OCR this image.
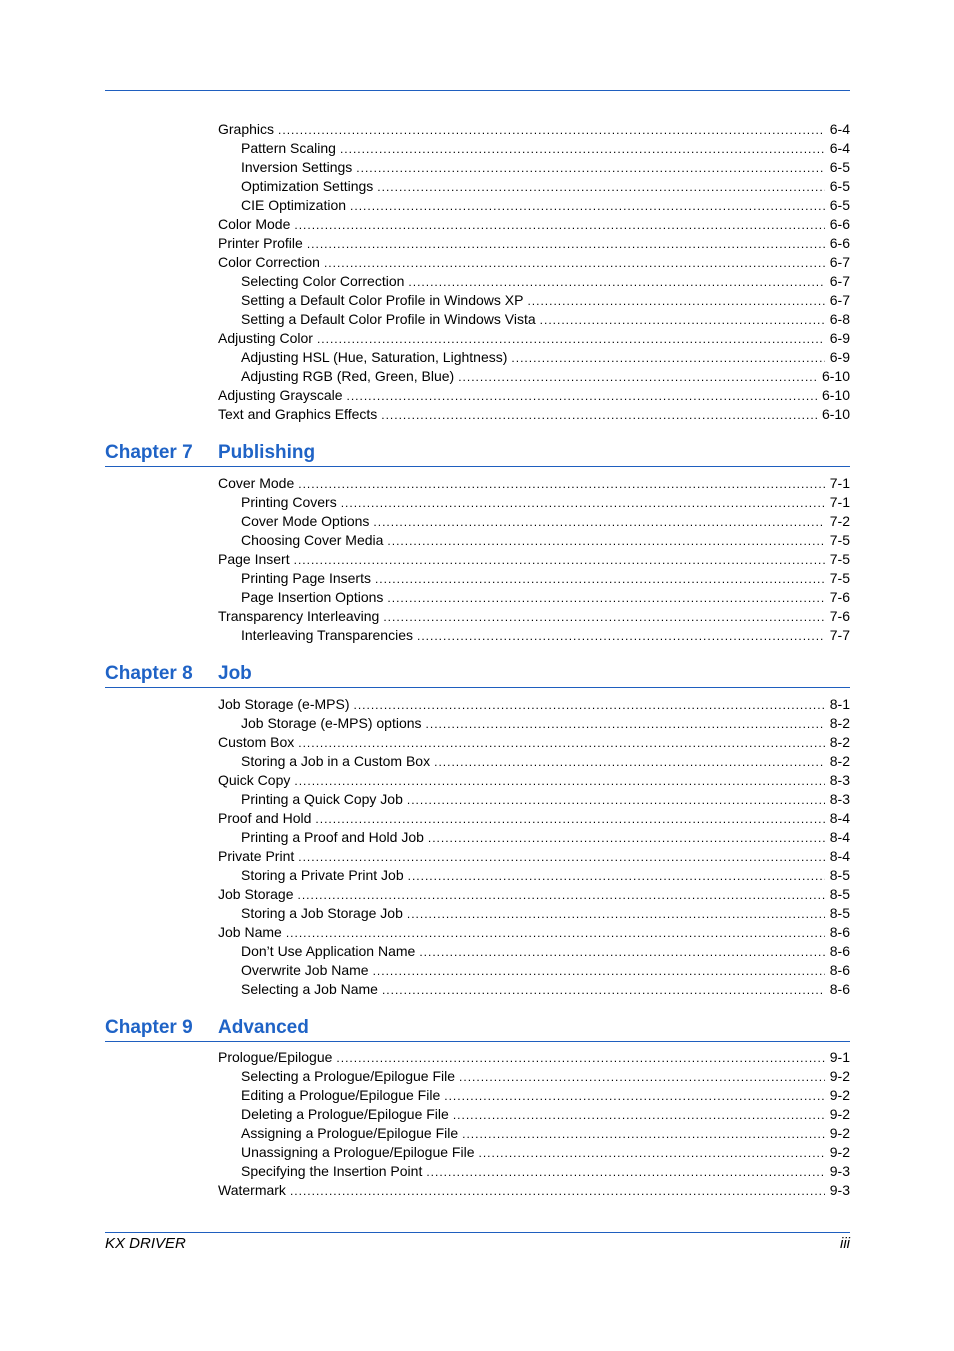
Graphics .....	6-4
Pattern Scaling .....	6-4
Inversion Settings .....	6-5
Optimization Settings .....	6-5
CIE Optimization .....	6-5
Color Mode .....	6-6
Printer Profile .....	6-6
Color Correction .....	6-7
Selecting Color Correction .....	6-7
Setting a Default Color Profile in Windows XP .....	6-7
Setting a Default Color Profile in Windows Vista .....	6-8
Adjusting Color .....	6-9
Adjusting HSL (Hue, Saturation, Lightness) .....	6-9
Adjusting RGB (Red, Green, Blue) .....	6-10
Adjusting Grayscale .....	6-10
Text and Graphics Effects .....	6-10
Chapter 7 Publishing
Cover Mode .....	7-1
Printing Covers .....	7-1
Cover Mode Options .....	7-2
Choosing Cover Media .....	7-5
Page Insert .....	7-5
Printing Page Inserts .....	7-5
Page Insertion Options .....	7-6
Transparency Interleaving .....	7-6
Interleaving Transparencies .....	7-7
Chapter 8 Job
Job Storage (e-MPS) .....	8-1
Job Storage (e-MPS) options .....	8-2
Custom Box .....	8-2
Storing a Job in a Custom Box .....	8-2
Quick Copy .....	8-3
Printing a Quick Copy Job .....	8-3
Proof and Hold .....	8-4
Printing a Proof and Hold Job .....	8-4
Private Print .....	8-4
Storing a Private Print Job .....	8-5
Job Storage .....	8-5
Storing a Job Storage Job .....	8-5
Job Name .....	8-6
Don’t Use Application Name .....	8-6
Overwrite Job Name .....	8-6
Selecting a Job Name .....	8-6
Chapter 9 Advanced
Prologue/Epilogue .....	9-1
Selecting a Prologue/Epilogue File .....	9-2
Editing a Prologue/Epilogue File .....	9-2
Deleting a Prologue/Epilogue File .....	9-2
Assigning a Prologue/Epilogue File .....	9-2
Unassigning a Prologue/Epilogue File .....	9-2
Specifying the Insertion Point .....	9-3
Watermark .....	9-3
KX DRIVER	iii
